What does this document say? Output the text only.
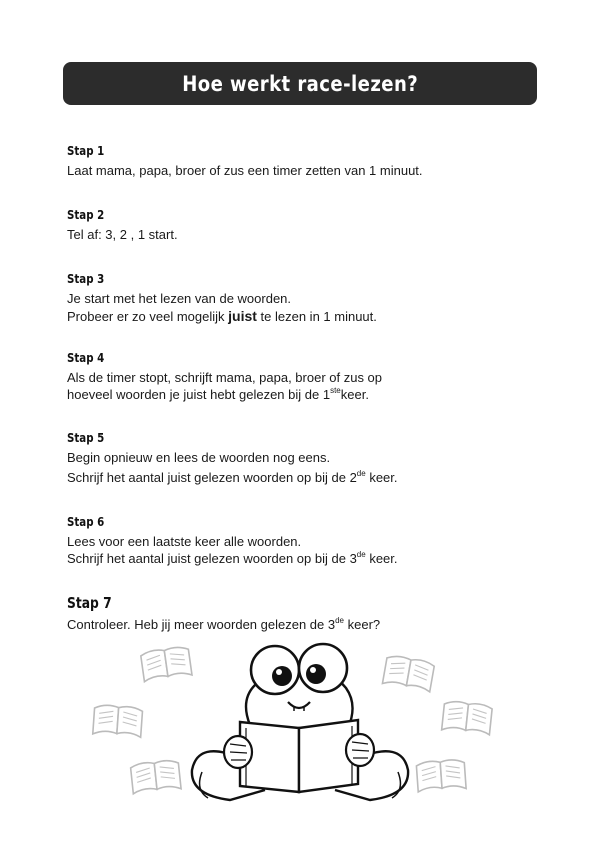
Hoe werkt race-lezen?
Stap 1

Laat mama, papa, broer of zus een timer zetten van 1 minuut.

Stap 2

Tel af: 3, 2 , 1 start.

Stap 3

Je start met het lezen van de woorden.

Probeer er zo veel mogelijk juist te lezen in 1 minuut.

Stap 4

Als de timer stopt, schrijft mama, papa, broer of zus op

hoeveel woorden je juist hebt gelezen bij de 1stekeer.

Stap 5

Begin opnieuw en lees de woorden nog eens.

Schrijf het aantal juist gelezen woorden op bij de 2de keer.

Stap 6

Lees voor een laatste keer alle woorden.

Schrijf het aantal juist gelezen woorden op bij de 3de keer.

Stap 7

Controleer. Heb jij meer woorden gelezen de 3de keer?
